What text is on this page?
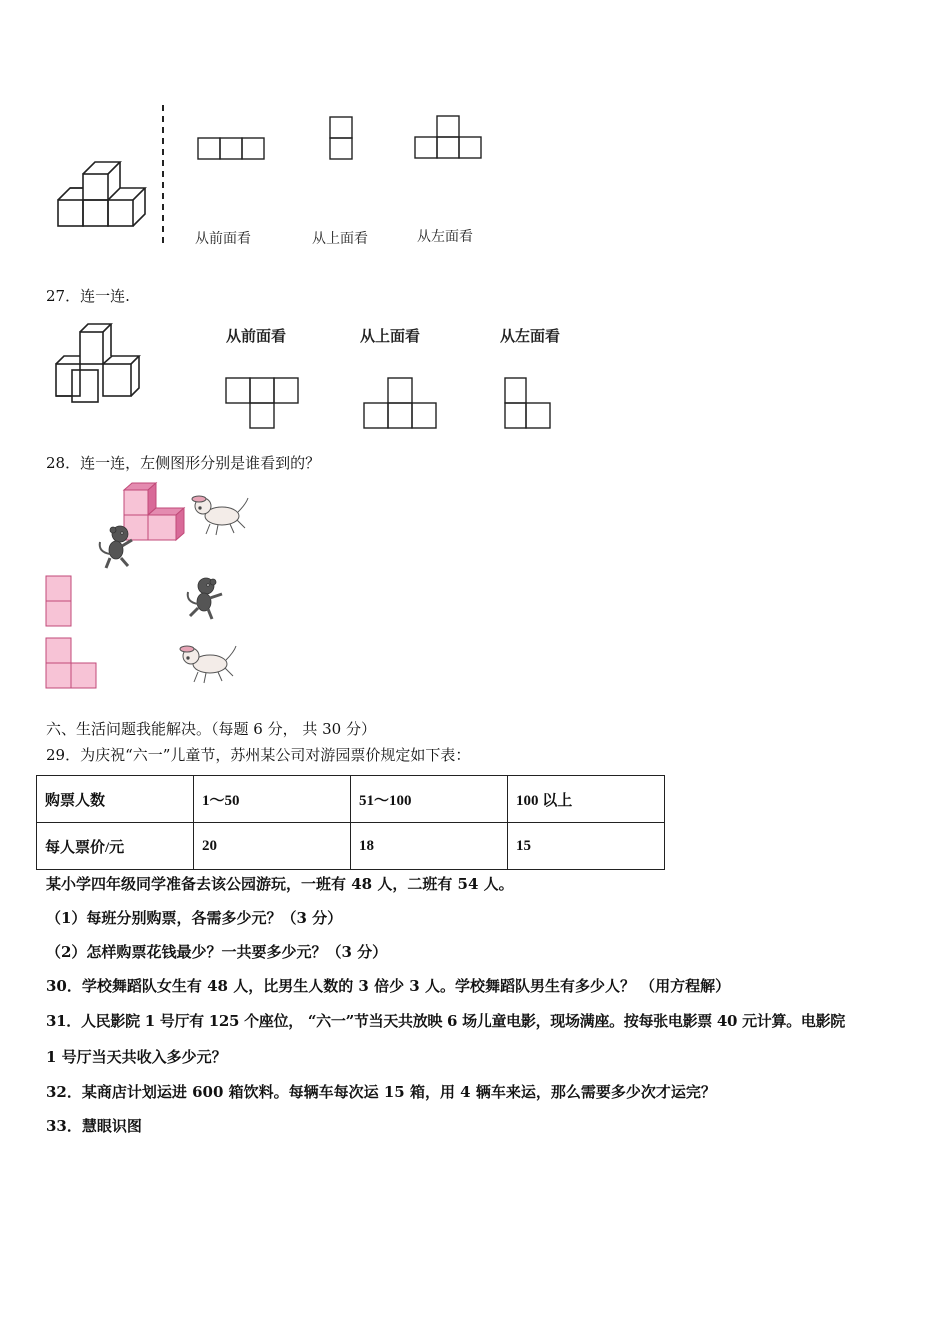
从前面看	从上面看	从左面看
27．连一连.
从前面看	从上面看	从左面看
28．连一连，左侧图形分别是谁看到的？
六、生活问题我能解决。（每题 6 分， 共 30 分）
29．为庆祝“六一”儿童节，苏州某公司对游园票价规定如下表：
购票人数	1～50	51～100	100 以上
每人票价/元	20	18	15
某小学四年级同学准备去该公园游玩，一班有 48 人，二班有 54 人。
（1）每班分别购票，各需多少元？（3 分）
（2）怎样购票花钱最少？一共要多少元？（3 分）
30．学校舞蹈队女生有 48 人，比男生人数的 3 倍少 3 人。学校舞蹈队男生有多少人？ （用方程解）
31．人民影院 1 号厅有 125 个座位， “六一”节当天共放映 6 场儿童电影，现场满座。按每张电影票 40 元计算。电影院
1 号厅当天共收入多少元？
32．某商店计划运进 600 箱饮料。每辆车每次运 15 箱，用 4 辆车来运，那么需要多少次才运完？
33．慧眼识图
